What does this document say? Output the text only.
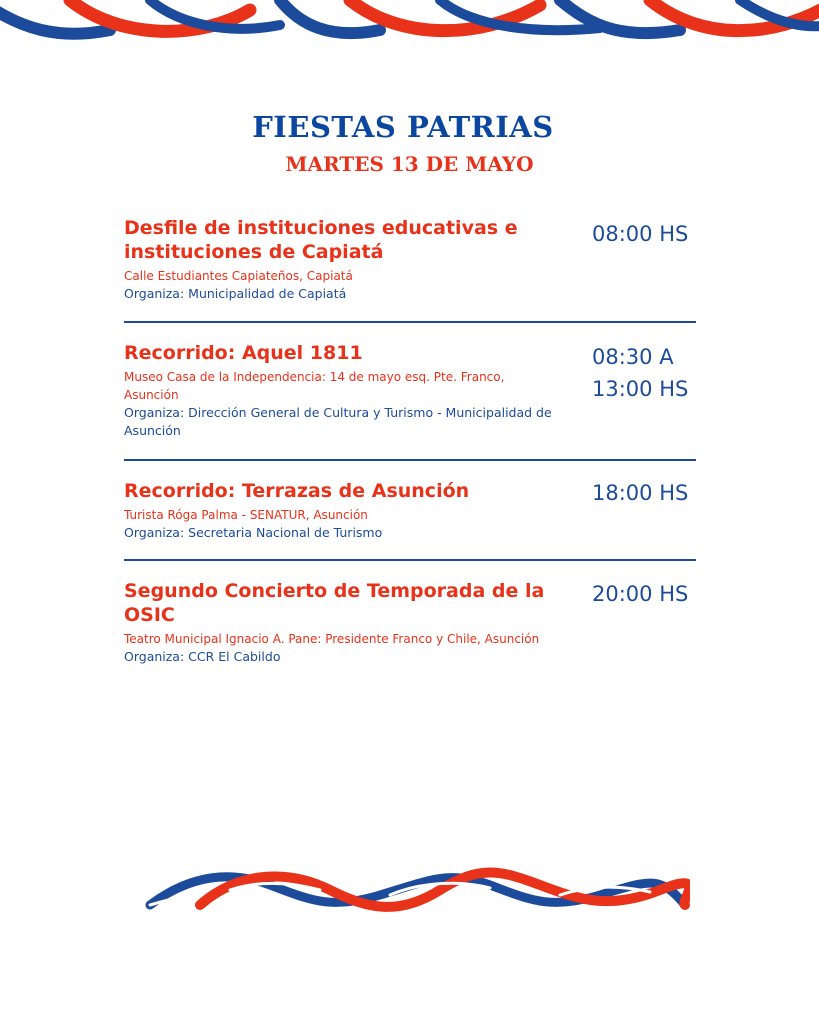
FIESTAS PATRIAS
MARTES 13 DE MAYO
Desfile de instituciones educativas e instituciones de Capiatá
Calle Estudiantes Capiateños, Capiatá
Organiza: Municipalidad de Capiatá
08:00 HS
Recorrido: Aquel 1811
Museo Casa de la Independencia: 14 de mayo esq. Pte. Franco, Asunción
Organiza: Dirección General de Cultura y Turismo - Municipalidad de Asunción
08:30 A
13:00 HS
Recorrido: Terrazas de Asunción
Turista Róga Palma - SENATUR, Asunción
Organiza: Secretaria Nacional de Turismo
18:00 HS
Segundo Concierto de Temporada de la OSIC
Teatro Municipal Ignacio A. Pane: Presidente Franco y Chile, Asunción
Organiza: CCR El Cabildo
20:00 HS
